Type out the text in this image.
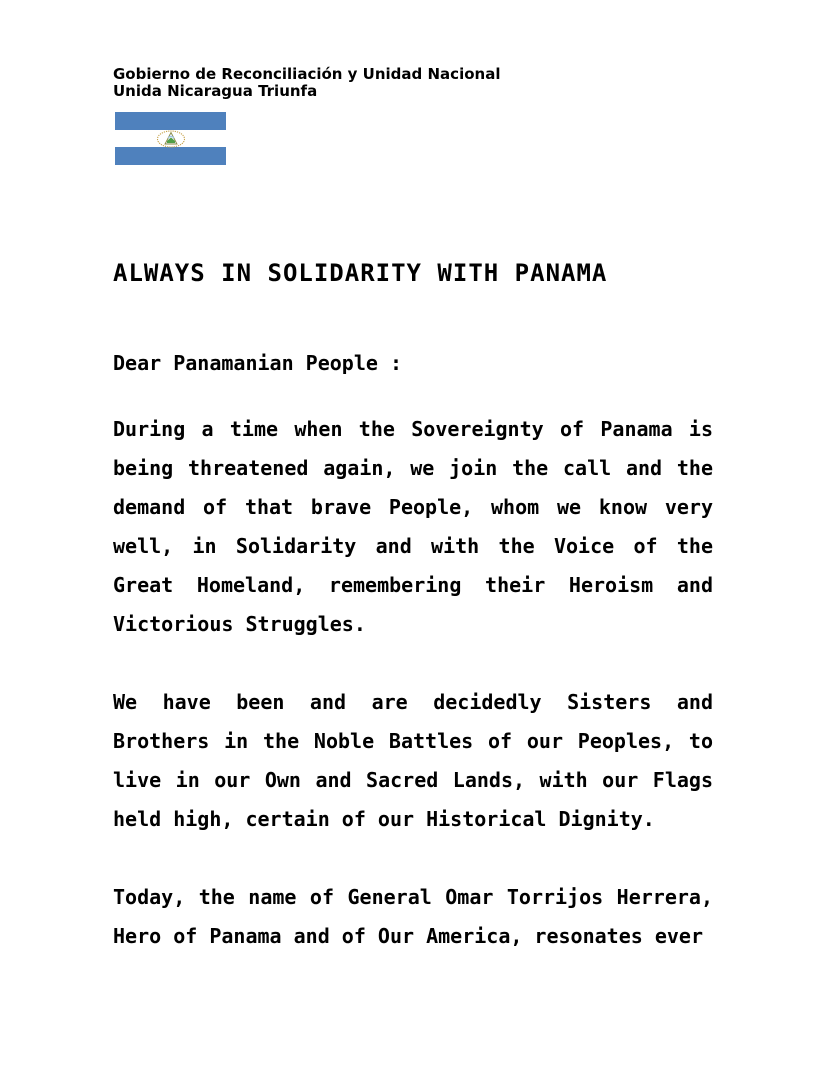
Gobierno de Reconciliación y Unidad Nacional
Unida Nicaragua Triunfa
ALWAYS IN SOLIDARITY WITH PANAMA
Dear Panamanian People :

During a time when the Sovereignty of Panama is being threatened again, we join the call and the demand of that brave People, whom we know very well, in Solidarity and with the Voice of the Great Homeland, remembering their Heroism and Victorious Struggles.

We have been and are decidedly Sisters and Brothers in the Noble Battles of our Peoples, to live in our Own and Sacred Lands, with our Flags held high, certain of our Historical Dignity.

Today, the name of General Omar Torrijos Herrera, Hero of Panama and of Our America, resonates ever
